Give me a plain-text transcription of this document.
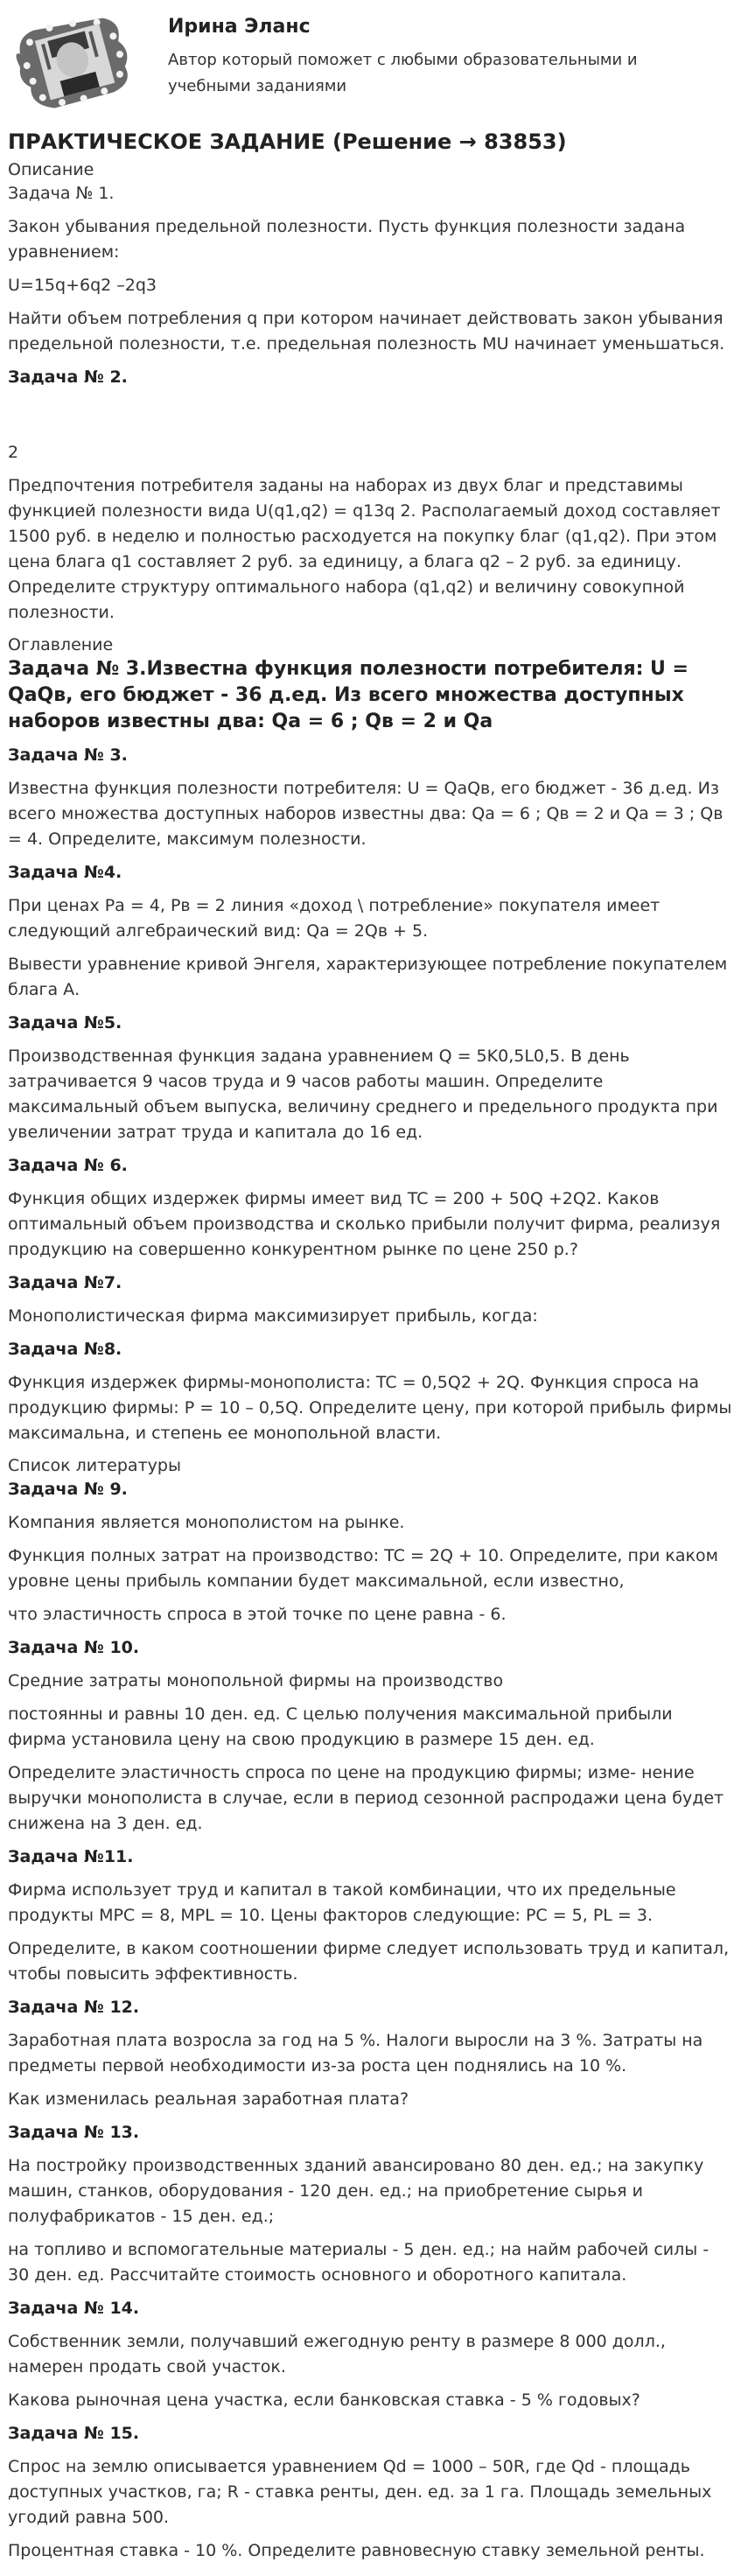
Ирина Эланс
Автор который поможет с любыми образовательными и учебными заданиями
ПРАКТИЧЕСКОЕ ЗАДАНИЕ (Решение → 83853)
Описание
Задача № 1.

Закон убывания предельной полезности. Пусть функция полезности задана уравнением:

U=15q+6q2 –2q3

Найти объем потребления q при котором начинает действовать закон убывания предельной полезности, т.е. предельная полезность MU начинает уменьшаться.

Задача № 2.

2

Предпочтения потребителя заданы на наборах из двух благ и представимы функцией полезности вида U(q1,q2) = q13q 2. Располагаемый доход составляет 1500 руб. в неделю и полностью расходуется на покупку благ (q1,q2). При этом цена блага q1 составляет 2 руб. за единицу, а блага q2 – 2 руб. за единицу. Определите структуру оптимального набора (q1,q2) и величину совокупной полезности.

Оглавление
Задача № 3.Известна функция полезности потребителя: U = QaQв, его бюджет - 36 д.ед. Из всего множества доступных наборов известны два: Qa = 6 ; Qв = 2 и Qa
Задача № 3.

Известна функция полезности потребителя: U = QaQв, его бюджет - 36 д.ед. Из всего множества доступных наборов известны два: Qa = 6 ; Qв = 2 и Qa = 3 ; Qв = 4. Определите, максимум полезности.

Задача №4.

При ценах Pа = 4, Pв = 2 линия «доход \ потребление» покупателя имеет следующий алгебраический вид: Qa = 2Qв + 5.

Вывести уравнение кривой Энгеля, характеризующее потребление покупателем блага А.

Задача №5.

Производственная функция задана уравнением Q = 5K0,5L0,5. В день затрачивается 9 часов труда и 9 часов работы машин. Определите максимальный объем выпуска, величину среднего и предельного продукта при увеличении затрат труда и капитала до 16 ед.

Задача № 6.

Функция общих издержек фирмы имеет вид TC = 200 + 50Q +2Q2. Каков оптимальный объем производства и сколько прибыли получит фирма, реализуя продукцию на совершенно конкурентном рынке по цене 250 р.?

Задача №7.

Монополистическая фирма максимизирует прибыль, когда:

Задача №8.

Функция издержек фирмы-монополиста: TC = 0,5Q2 + 2Q. Функция спроса на продукцию фирмы: P = 10 – 0,5Q. Определите цену, при которой прибыль фирмы максимальна, и степень ее монопольной власти.

Список литературы
Задача № 9.

Компания является монополистом на рынке.

Функция полных затрат на производство: TC = 2Q + 10. Определите, при каком уровне цены прибыль компании будет максимальной, если известно,

что эластичность спроса в этой точке по цене равна - 6.

Задача № 10.

Средние затраты монопольной фирмы на производство

постоянны и равны 10 ден. ед. С целью получения максимальной прибыли фирма установила цену на свою продукцию в размере 15 ден. ед.

Определите эластичность спроса по цене на продукцию фирмы; изме- нение выручки монополиста в случае, если в период сезонной распродажи цена будет снижена на 3 ден. ед.

Задача №11.

Фирма использует труд и капитал в такой комбинации, что их предельные продукты MPC = 8, MPL = 10. Цены факторов следующие: PC = 5, PL = 3.

Определите, в каком соотношении фирме следует использовать труд и капитал, чтобы повысить эффективность.

Задача № 12.

Заработная плата возросла за год на 5 %. Налоги выросли на 3 %. Затраты на предметы первой необходимости из-за роста цен поднялись на 10 %.

Как изменилась реальная заработная плата?

Задача № 13.

На постройку производственных зданий авансировано 80 ден. ед.; на закупку машин, станков, оборудования - 120 ден. ед.; на приобретение сырья и полуфабрикатов - 15 ден. ед.;

на топливо и вспомогательные материалы - 5 ден. ед.; на найм рабочей силы - 30 ден. ед. Рассчитайте стоимость основного и оборотного капитала.

Задача № 14.

Собственник земли, получавший ежегодную ренту в размере 8 000 долл., намерен продать свой участок.

Какова рыночная цена участка, если банковская ставка - 5 % годовых?

Задача № 15.

Спрос на землю описывается уравнением Qd = 1000 – 50R, где Qd - площадь доступных участков, га; R - ставка ренты, ден. ед. за 1 га. Площадь земельных угодий равна 500.

Процентная ставка - 10 %. Определите равновесную ставку земельной ренты.
